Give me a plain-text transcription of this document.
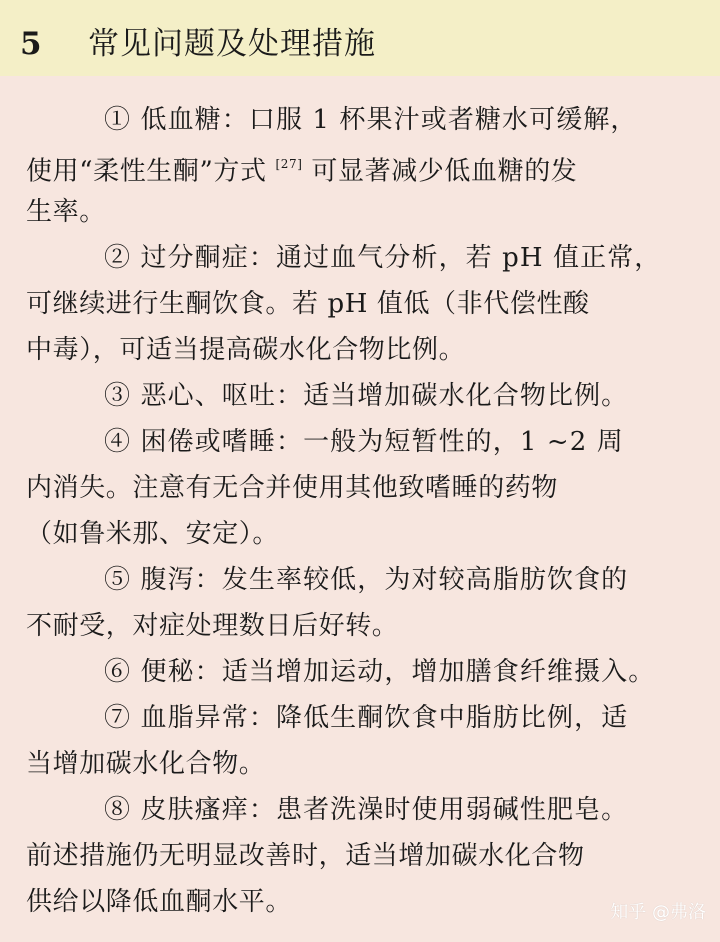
5 常见问题及处理措施
① 低血糖：口服 1 杯果汁或者糖水可缓解，
使用“柔性生酮”方式 [27] 可显著减少低血糖的发
生率。
② 过分酮症：通过血气分析，若 pH 值正常，
可继续进行生酮饮食。若 pH 值低（非代偿性酸
中毒），可适当提高碳水化合物比例。
③ 恶心、呕吐：适当增加碳水化合物比例。
④ 困倦或嗜睡：一般为短暂性的，1 ~2 周
内消失。注意有无合并使用其他致嗜睡的药物
（如鲁米那、安定）。
⑤ 腹泻：发生率较低，为对较高脂肪饮食的
不耐受，对症处理数日后好转。
⑥ 便秘：适当增加运动，增加膳食纤维摄入。
⑦ 血脂异常：降低生酮饮食中脂肪比例，适
当增加碳水化合物。
⑧ 皮肤瘙痒：患者洗澡时使用弱碱性肥皂。
前述措施仍无明显改善时，适当增加碳水化合物
供给以降低血酮水平。	知乎 @弗洛
